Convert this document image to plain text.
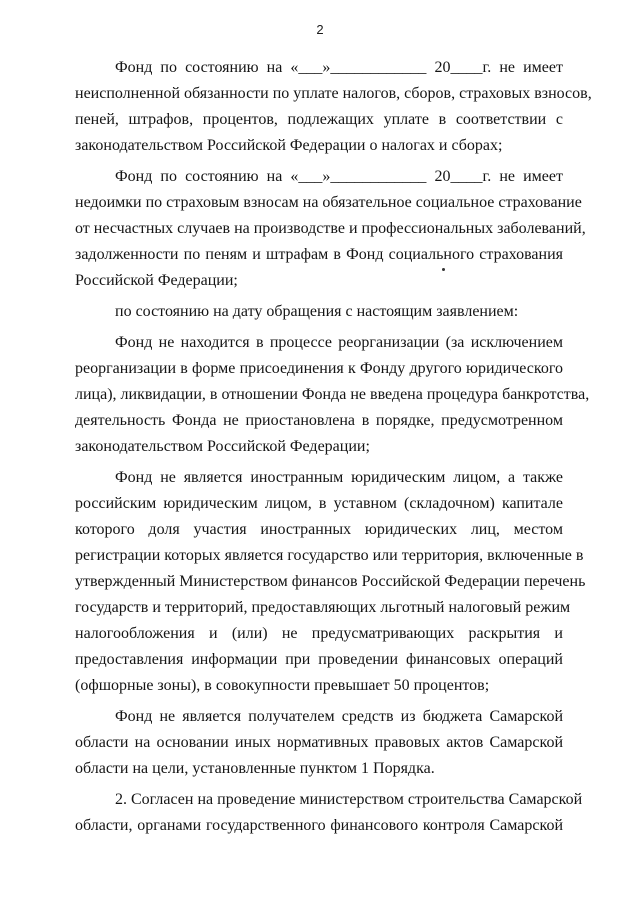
2

Фонд по состоянию на «___»____________ 20____г. не имеет
неисполненной обязанности по уплате налогов, сборов, страховых взносов,
пеней, штрафов, процентов, подлежащих уплате в соответствии с
законодательством Российской Федерации о налогах и сборах;

Фонд по состоянию на «___»____________ 20____г. не имеет
недоимки по страховым взносам на обязательное социальное страхование
от несчастных случаев на производстве и профессиональных заболеваний,
задолженности по пеням и штрафам в Фонд социального страхования
Российской Федерации;

по состоянию на дату обращения с настоящим заявлением:

Фонд не находится в процессе реорганизации (за исключением
реорганизации в форме присоединения к Фонду другого юридического
лица), ликвидации, в отношении Фонда не введена процедура банкротства,
деятельность Фонда не приостановлена в порядке, предусмотренном
законодательством Российской Федерации;

Фонд не является иностранным юридическим лицом, а также
российским юридическим лицом, в уставном (складочном) капитале
которого доля участия иностранных юридических лиц, местом
регистрации которых является государство или территория, включенные в
утвержденный Министерством финансов Российской Федерации перечень
государств и территорий, предоставляющих льготный налоговый режим
налогообложения и (или) не предусматривающих раскрытия и
предоставления информации при проведении финансовых операций
(офшорные зоны), в совокупности превышает 50 процентов;

Фонд не является получателем средств из бюджета Самарской
области на основании иных нормативных правовых актов Самарской
области на цели, установленные пунктом 1 Порядка.

2. Согласен на проведение министерством строительства Самарской
области, органами государственного финансового контроля Самарской
